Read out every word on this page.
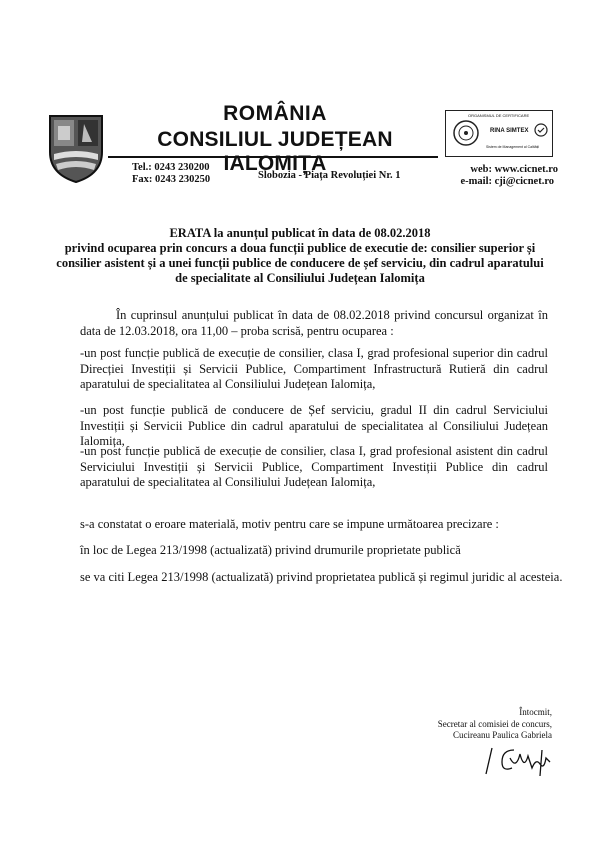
ROMÂNIA
CONSILIUL JUDEȚEAN IALOMIȚA
ORGANISMUL DE CERTIFICARE
RINA SIMTEX
Sistem de Management al Calității
Tel.: 0243 230200
Fax: 0243 230250	Slobozia - Piața Revoluției Nr. 1
web: www.cicnet.ro
e-mail: cji@cicnet.ro
ERATA la anunțul publicat în data de 08.02.2018
privind ocuparea prin concurs a doua funcții publice de executie de: consilier superior și
consilier asistent și a unei funcții publice de conducere de șef serviciu, din cadrul aparatului
de specialitate al Consiliului Județean Ialomița
În cuprinsul anunțului publicat în data de 08.02.2018 privind concursul organizat în data de 12.03.2018, ora 11,00 – proba scrisă, pentru ocuparea :
-un post funcție publică de execuție de consilier, clasa I, grad profesional superior din cadrul Direcției Investiții și Servicii Publice, Compartiment Infrastructură Rutieră din cadrul aparatului de specialitatea al Consiliului Județean Ialomița,
-un post funcție publică de conducere de Șef serviciu, gradul II din cadrul Serviciului Investiții și Servicii Publice din cadrul aparatului de specialitatea al Consiliului Județean Ialomița,
-un post funcție publică de execuție de consilier, clasa I, grad profesional asistent din cadrul Serviciului Investiții și Servicii Publice, Compartiment Investiții Publice din cadrul aparatului de specialitatea al Consiliului Județean Ialomița,
s-a constatat o eroare materială, motiv pentru care se impune următoarea precizare :
în loc de Legea 213/1998 (actualizată) privind drumurile proprietate publică
se va citi Legea 213/1998 (actualizată) privind proprietatea publică și regimul juridic al acesteia.
Întocmit,
Secretar al comisiei de concurs,
Cucireanu Paulica Gabriela
